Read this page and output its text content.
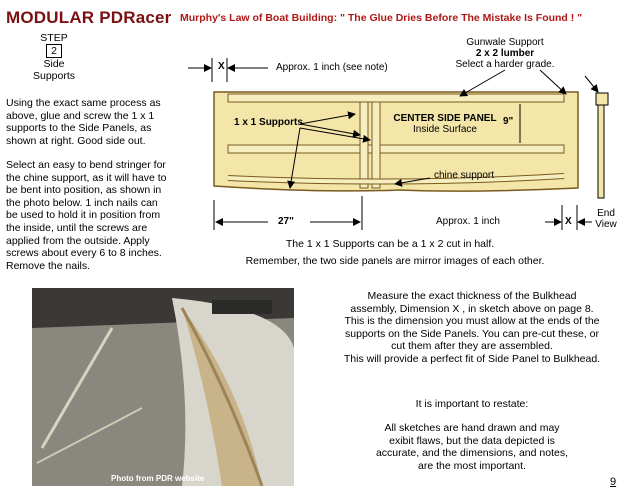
MODULAR PDRacer Murphy's Law of Boat Building: " The Glue Dries Before The Mistake Is Found ! "
STEP
2
Side
Supports
Using the exact same process as
above, glue and screw the 1 x 1
supports to the Side Panels, as
shown at right. Good side out.
Select an easy to bend stringer for
the chine support, as it will have to
be bent into position, as shown in
the photo below. 1 inch nails can
be used to hold it in position from
the inside, until the screws are
applied from the outside. Apply
screws about every 6 to 8 inches.
Remove the nails.
X	Approx. 1 inch (see note)
Gunwale Support
2 x 2 lumber
Select a harder grade.
1 x 1 Supports	CENTER SIDE PANEL
Inside Surface
9"
chine support
27"	Approx. 1 inch	X
End
View
The 1 x 1 Supports can be a 1 x 2 cut in half.
Remember, the two side panels are mirror images of each other.
Photo from PDR website
Measure the exact thickness of the Bulkhead
assembly, Dimension X , in sketch above on page 8.
This is the dimension you must allow at the ends of the
supports on the Side Panels. You can pre-cut these, or
cut them after they are assembled.
This will provide a perfect fit of Side Panel to Bulkhead.
It is important to restate:
All sketches are hand drawn and may
exibit flaws, but the data depicted is
accurate, and the dimensions, and notes,
are the most important.
9
